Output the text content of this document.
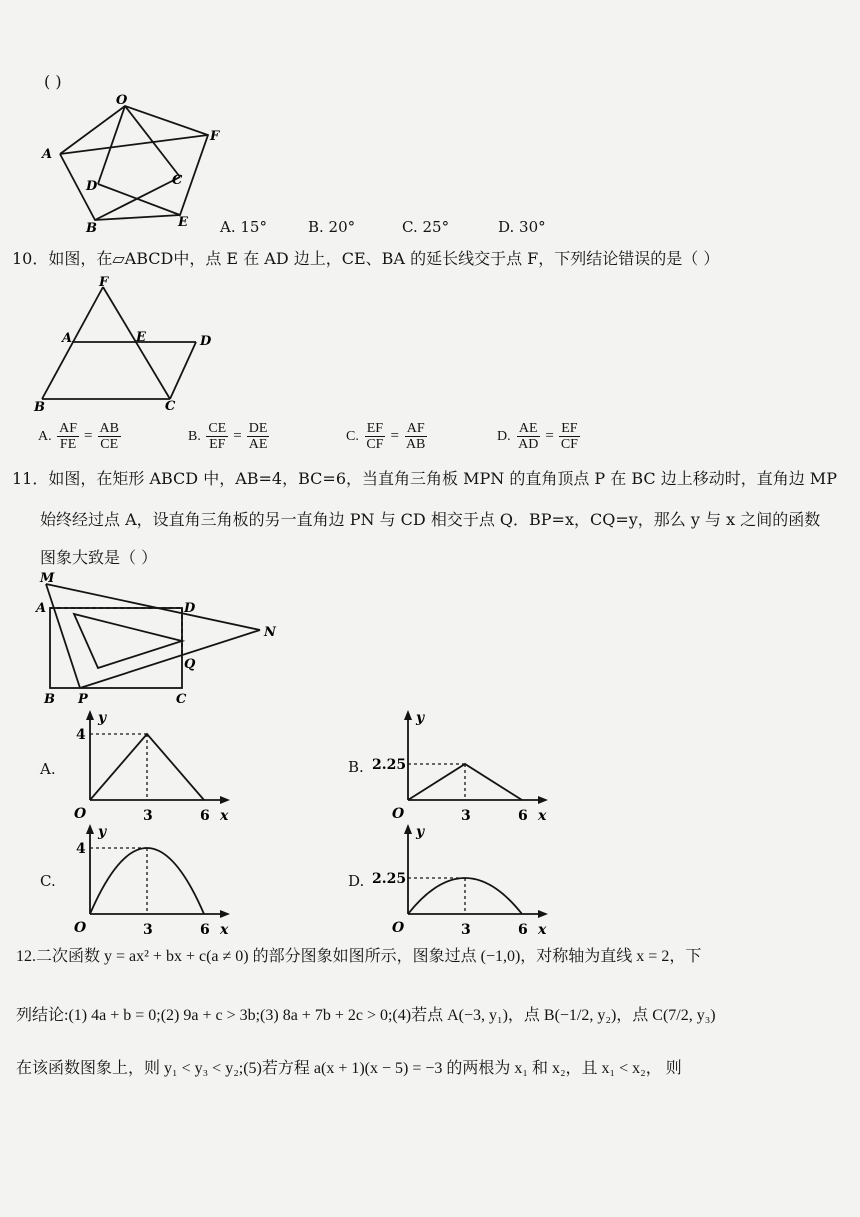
( )
O
A
F
D	C
B	E A. 15°	B. 20°	C. 25°	D. 30°
10．如图，在▱ABCD中，点 E 在 AD 边上，CE、BA 的延长线交于点 F，下列结论错误的是（ ）
F
A	E	D
B	C
A.
$\frac{AF}{FE} = \frac{AB}{CE}$	B.
$\frac{CE}{EF} = \frac{DE}{AE}$	C.
$\frac{EF}{CF} = \frac{AF}{AB}$	D.
$\frac{AE}{AD} = \frac{EF}{CF}$
11．如图，在矩形 ABCD 中，AB=4，BC=6，当直角三角板 MPN 的直角顶点 P 在 BC 边上移动时，直角边 MP
始终经过点 A，设直角三角板的另一直角边 PN 与 CD 相交于点 Q．BP=x，CQ=y，那么 y 与 x 之间的函数
图象大致是（ ）
M
A	D
N
Q
B P	C
A.	B.
C.	D.
4
y
O	3	6 x
2.25
y
O	3	6 x
4
y
O	3	6 x
2.25
y
O	3	6 x
12.二次函数 y = ax² + bx + c(a ≠ 0) 的部分图象如图所示，图象过点 (−1,0)，对称轴为直线 x = 2，下
列结论:(1) 4a + b = 0;(2) 9a + c > 3b;(3) 8a + 7b + 2c > 0;(4)若点 A(−3, y₁)，点 B(−1/2, y₂)，点 C(7/2, y₃)
在该函数图象上，则 y₁ < y₃ < y₂;(5)若方程 a(x + 1)(x − 5) = −3 的两根为 x₁ 和 x₂，且 x₁ < x₂， 则
